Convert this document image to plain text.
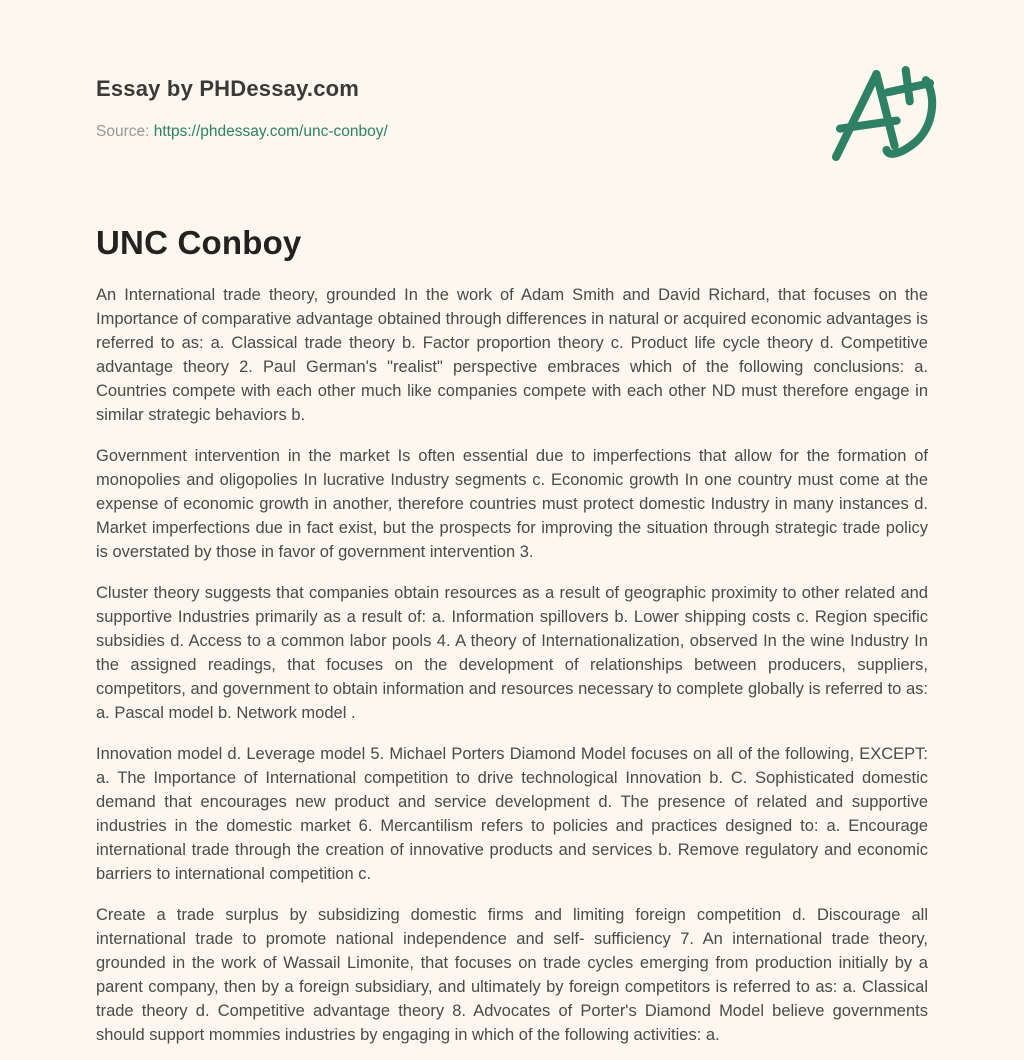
Essay by PHDessay.com

Source: https://phdessay.com/unc-conboy/

UNC Conboy

An International trade theory, grounded In the work of Adam Smith and David Richard, that focuses on the Importance of comparative advantage obtained through differences in natural or acquired economic advantages is referred to as: a. Classical trade theory b. Factor proportion theory c. Product life cycle theory d. Competitive advantage theory 2. Paul German's "realist" perspective embraces which of the following conclusions: a. Countries compete with each other much like companies compete with each other ND must therefore engage in similar strategic behaviors b.

Government intervention in the market Is often essential due to imperfections that allow for the formation of monopolies and oligopolies In lucrative Industry segments c. Economic growth In one country must come at the expense of economic growth in another, therefore countries must protect domestic Industry in many instances d. Market imperfections due in fact exist, but the prospects for improving the situation through strategic trade policy is overstated by those in favor of government intervention 3.

Cluster theory suggests that companies obtain resources as a result of geographic proximity to other related and supportive Industries primarily as a result of: a. Information spillovers b. Lower shipping costs c. Region specific subsidies d. Access to a common labor pools 4. A theory of Internationalization, observed In the wine Industry In the assigned readings, that focuses on the development of relationships between producers, suppliers, competitors, and government to obtain information and resources necessary to complete globally is referred to as: a. Pascal model b. Network model .

Innovation model d. Leverage model 5. Michael Porters Diamond Model focuses on all of the following, EXCEPT: a. The Importance of International competition to drive technological Innovation b. C. Sophisticated domestic demand that encourages new product and service development d. The presence of related and supportive industries in the domestic market 6. Mercantilism refers to policies and practices designed to: a. Encourage international trade through the creation of innovative products and services b. Remove regulatory and economic barriers to international competition c.

Create a trade surplus by subsidizing domestic firms and limiting foreign competition d. Discourage all international trade to promote national independence and self- sufficiency 7. An international trade theory, grounded in the work of Wassail Limonite, that focuses on trade cycles emerging from production initially by a parent company, then by a foreign subsidiary, and ultimately by foreign competitors is referred to as: a. Classical trade theory d. Competitive advantage theory 8. Advocates of Porter's Diamond Model believe governments should support mommies industries by engaging in which of the following activities: a.
